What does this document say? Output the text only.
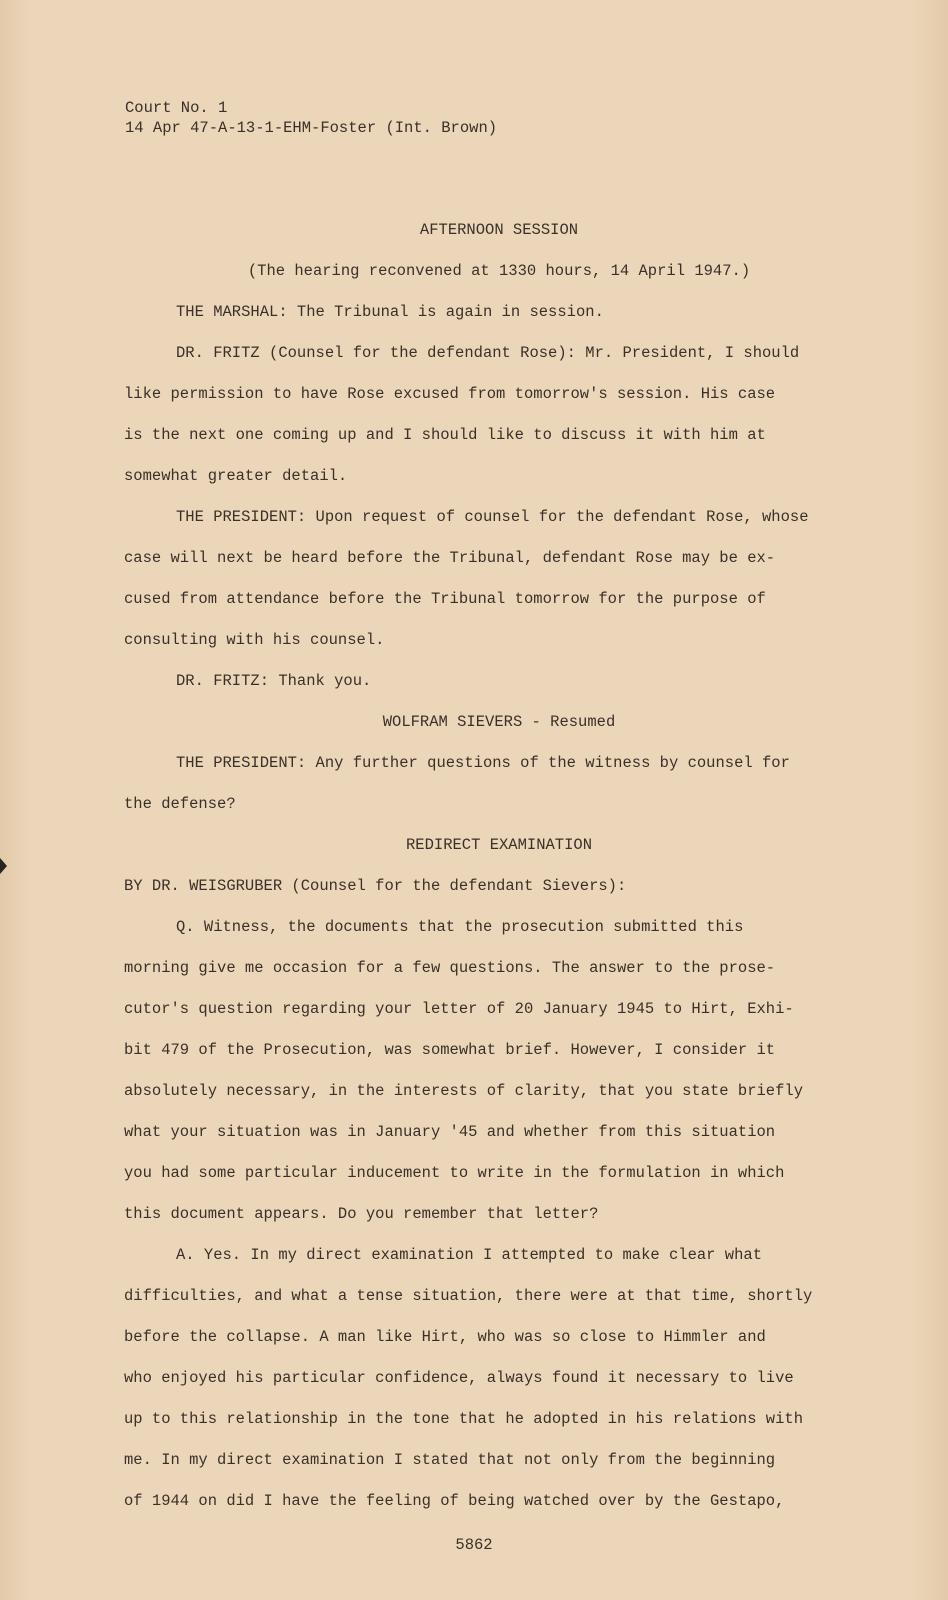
Court No. 1
14 Apr 47-A-13-1-EHM-Foster (Int. Brown)
AFTERNOON SESSION
(The hearing reconvened at 1330 hours, 14 April 1947.)
THE MARSHAL: The Tribunal is again in session.
DR. FRITZ (Counsel for the defendant Rose): Mr. President, I should
like permission to have Rose excused from tomorrow's session. His case
is the next one coming up and I should like to discuss it with him at
somewhat greater detail.
THE PRESIDENT: Upon request of counsel for the defendant Rose, whose
case will next be heard before the Tribunal, defendant Rose may be ex-
cused from attendance before the Tribunal tomorrow for the purpose of
consulting with his counsel.
DR. FRITZ: Thank you.
WOLFRAM SIEVERS - Resumed
THE PRESIDENT: Any further questions of the witness by counsel for
the defense?
REDIRECT EXAMINATION
BY DR. WEISGRUBER (Counsel for the defendant Sievers):
Q. Witness, the documents that the prosecution submitted this
morning give me occasion for a few questions. The answer to the prose-
cutor's question regarding your letter of 20 January 1945 to Hirt, Exhi-
bit 479 of the Prosecution, was somewhat brief. However, I consider it
absolutely necessary, in the interests of clarity, that you state briefly
what your situation was in January '45 and whether from this situation
you had some particular inducement to write in the formulation in which
this document appears. Do you remember that letter?
A. Yes. In my direct examination I attempted to make clear what
difficulties, and what a tense situation, there were at that time, shortly
before the collapse. A man like Hirt, who was so close to Himmler and
who enjoyed his particular confidence, always found it necessary to live
up to this relationship in the tone that he adopted in his relations with
me. In my direct examination I stated that not only from the beginning
of 1944 on did I have the feeling of being watched over by the Gestapo,
5862
